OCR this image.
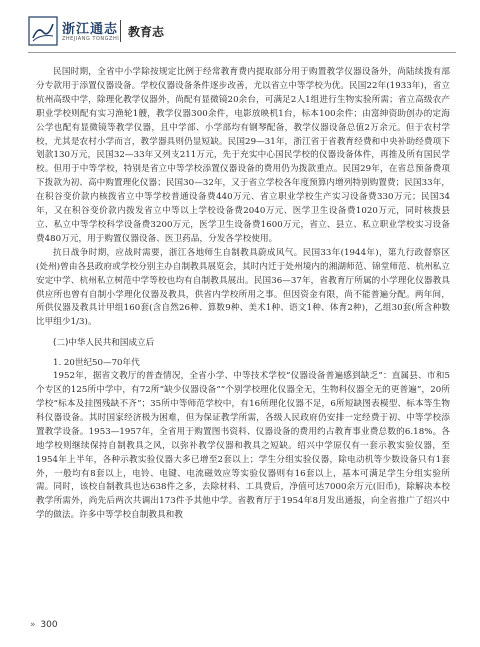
浙江通志
ZHEJIANG TONGZHI 教育志

民国时期，全省中小学除按规定比例于经常教育费内提取部分用于购置教学仪器设备外，尚陆续拨有部分专款用于添置仪器设备。学校仪器设备条件逐步改善，尤以省立中等学校为优。民国22年(1933年)，省立杭州高级中学，除理化教学仪器外，尚配有显微镜20余台，可满足2人1组进行生物实验所需；省立高级农产职业学校则配有实习渔轮1艘，教学仪器300余件，电影放映机1台，标本100余件；由富绅资助创办的定海公学也配有显微镜等教学仪器，且中学部、小学部均有钢琴配备，教学仪器设备总值2万余元。但于农村学校，尤其是农村小学而言，教学器具则仍显短缺。民国29—31年，浙江省于省教育经费和中央补助经费项下划款130万元，民国32—33年又列支211万元，先于充实中心国民学校的仪器设备体件，再推及所有国民学校。但用于中等学校，特别是省立中等学校添置仪器设备的费用仍为拨款重点。民国29年，在省总预备费项下拨款为初、高中购置理化仪器；民国30—32年，又于省立学校各年度预算内增列特别购置费；民国33年，在积谷变价款内核拨省立中等学校普通设备费440万元、省立职业学校生产实习设备费330万元；民国34年，又在积谷变价款内拨发省立中等以上学校设备费2040万元、医学卫生设备费1020万元，同时核拨县立、私立中等学校科学设备费3200万元，医学卫生设备费1600万元，省立、县立、私立职业学校实习设备费480万元，用于购置仪器设备、医卫药品，分发各学校使用。

抗日战争时期，应战时需要，浙江各地师生自制教具蔚成风气。民国33年(1944年)，第九行政督察区(处州)曾由各县政府或学校分别主办自制教具展览会，其时内迁于处州境内的湘湖师范、锦堂师范、杭州私立安定中学、杭州私立树范中学等校也均有自制教具展出。民国36—37年，省教育厅所属的小学理化仪器教具供应所也曾有自制小学理化仪器及教具，供省内学校所用之事。但因资金有限，尚不能普遍分配。两年间，所供仪器及教具计甲组160套(含自然26种、算数9种、美术1种、语文1种、体育2种)，乙组30套(所含种数比甲组少1/3)。

(二)中华人民共和国成立后

1. 20世纪50—70年代

1952年，据省文教厅的普查情况，全省小学、中等技术学校“仪器设备普遍感到缺乏”：直属县、市和5个专区的125所中学中，有72所“缺少仪器设备”“个别学校理化仪器全无，生物科仪器全无的更普遍”，20所学校“标本及挂图残缺不齐”；35所中等师范学校中，有16所理化仪器不足，6所短缺图表模型、标本等生物科仪器设备。其时国家经济极为困难，但为保证教学所需，各级人民政府仍安排一定经费于初、中等学校添置教学设备。1953—1957年，全省用于购置图书资料、仪器设备的费用约占教育事业费总数的6.18%。各地学校则继续保持自制教具之风，以弥补教学仪器和教具之短缺。绍兴中学原仅有一套示教实验仪器，至1954年上半年，各种示教实验仪器大多已增至2套以上；学生分组实验仪器，除电动机等少数设备只有1套外，一般均有8套以上，电铃、电键、电流磁效应等实验仪器则有16套以上，基本可满足学生分组实验所需。同时，该校自制教具也达638件之多，去除材料、工具费后，净值可达7000余万元(旧币)，除解决本校教学所需外，尚先后两次共调出173件予其他中学。省教育厅于1954年8月发出通报，向全省推广了绍兴中学的做法。许多中等学校自制教具和教

» 300
